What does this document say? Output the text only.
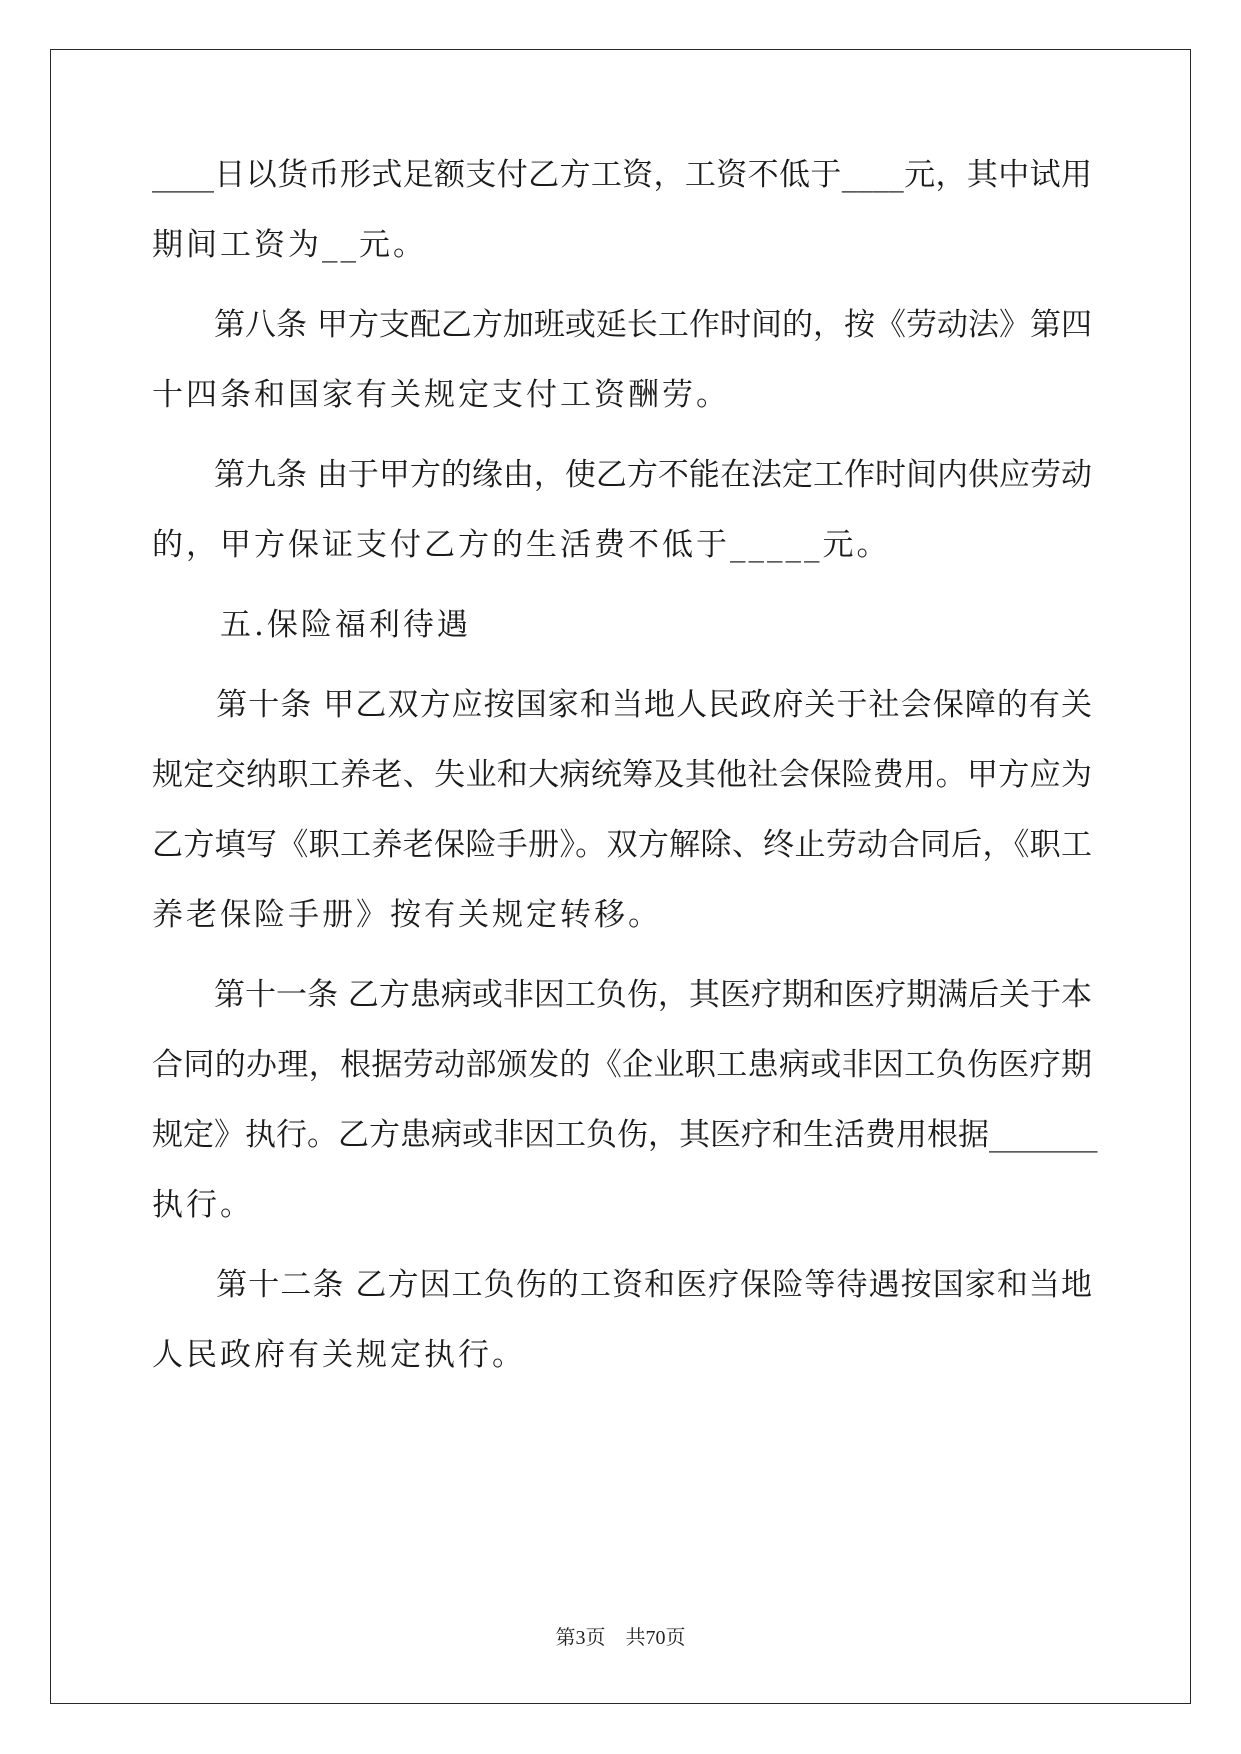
____日以货币形式足额支付乙方工资，工资不低于____元，其中试用
期间工资为__元。
　　第八条 甲方支配乙方加班或延长工作时间的，按《劳动法》第四
十四条和国家有关规定支付工资酬劳。
　　第九条 由于甲方的缘由，使乙方不能在法定工作时间内供应劳动
的，甲方保证支付乙方的生活费不低于_____元。
　　五.保险福利待遇
　　第十条 甲乙双方应按国家和当地人民政府关于社会保障的有关
规定交纳职工养老、失业和大病统筹及其他社会保险费用。甲方应为
乙方填写《职工养老保险手册》。双方解除、终止劳动合同后，《职工
养老保险手册》按有关规定转移。
　　第十一条 乙方患病或非因工负伤，其医疗期和医疗期满后关于本
合同的办理，根据劳动部颁发的《企业职工患病或非因工负伤医疗期
规定》执行。乙方患病或非因工负伤，其医疗和生活费用根据_______
执行。
　　第十二条 乙方因工负伤的工资和医疗保险等待遇按国家和当地
人民政府有关规定执行。
第3页　共70页
